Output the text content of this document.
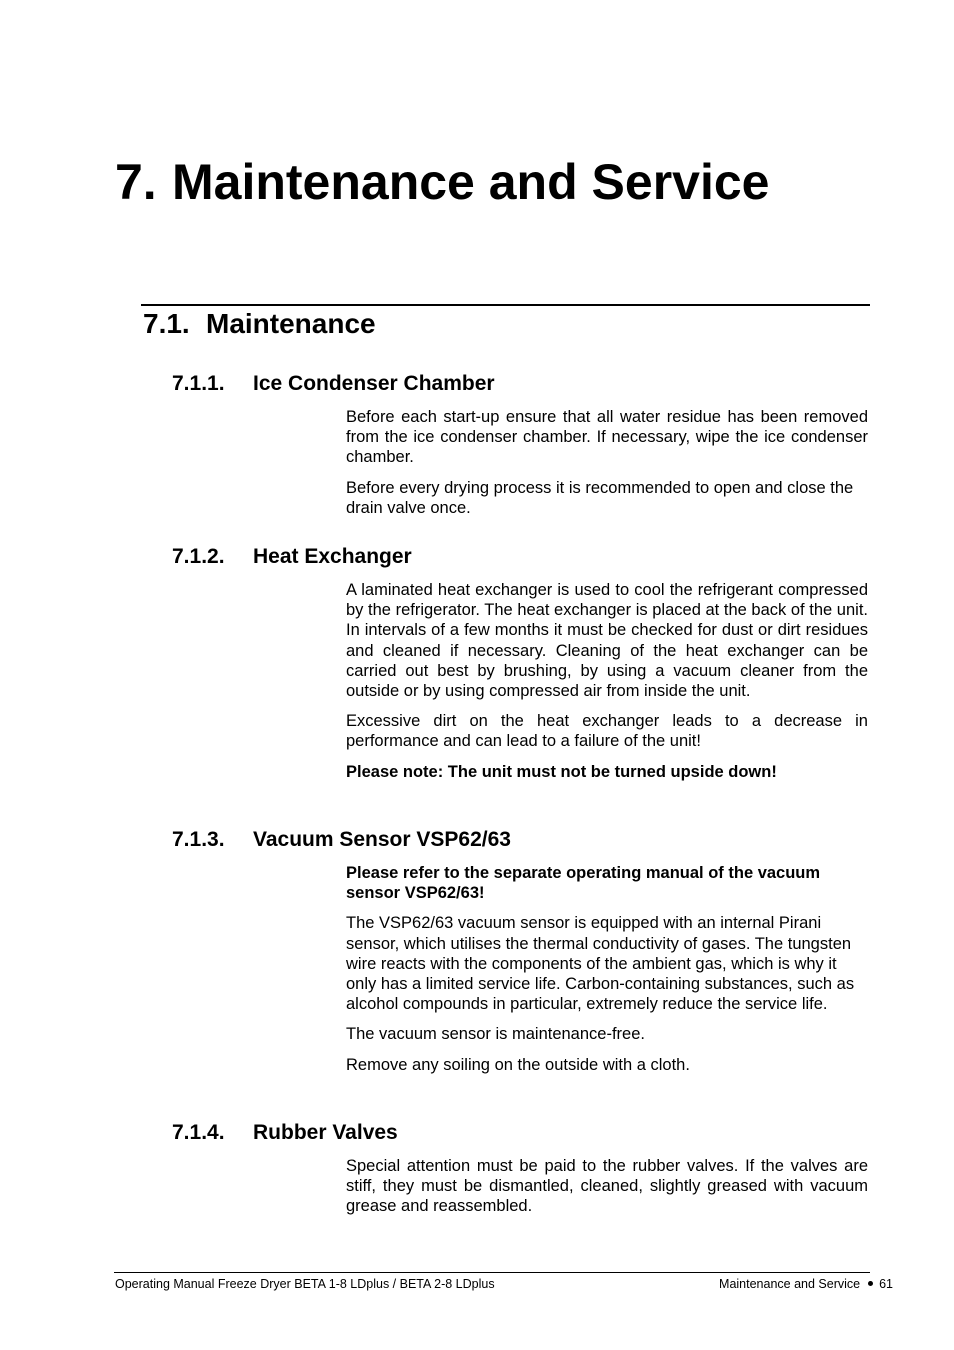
7. Maintenance and Service
7.1. Maintenance
7.1.1. Ice Condenser Chamber

Before each start-up ensure that all water residue has been removed from the ice condenser chamber. If necessary, wipe the ice condenser chamber.

Before every drying process it is recommended to open and close the drain valve once.

7.1.2. Heat Exchanger

A laminated heat exchanger is used to cool the refrigerant compressed by the refrigerator. The heat exchanger is placed at the back of the unit. In intervals of a few months it must be checked for dust or dirt residues and cleaned if necessary. Cleaning of the heat exchanger can be carried out best by brushing, by using a vacuum cleaner from the outside or by using compressed air from inside the unit.

Excessive dirt on the heat exchanger leads to a decrease in performance and can lead to a failure of the unit!

Please note: The unit must not be turned upside down!

7.1.3. Vacuum Sensor VSP62/63

Please refer to the separate operating manual of the vacuum sensor VSP62/63!

The VSP62/63 vacuum sensor is equipped with an internal Pirani sensor, which utilises the thermal conductivity of gases. The tungsten wire reacts with the components of the ambient gas, which is why it only has a limited service life. Carbon-containing substances, such as alcohol compounds in particular, extremely reduce the service life.

The vacuum sensor is maintenance-free.

Remove any soiling on the outside with a cloth.

7.1.4. Rubber Valves

Special attention must be paid to the rubber valves. If the valves are stiff, they must be dismantled, cleaned, slightly greased with vacuum grease and reassembled.

Operating Manual Freeze Dryer BETA 1-8 LDplus / BETA 2-8 LDplus	Maintenance and Service 61
